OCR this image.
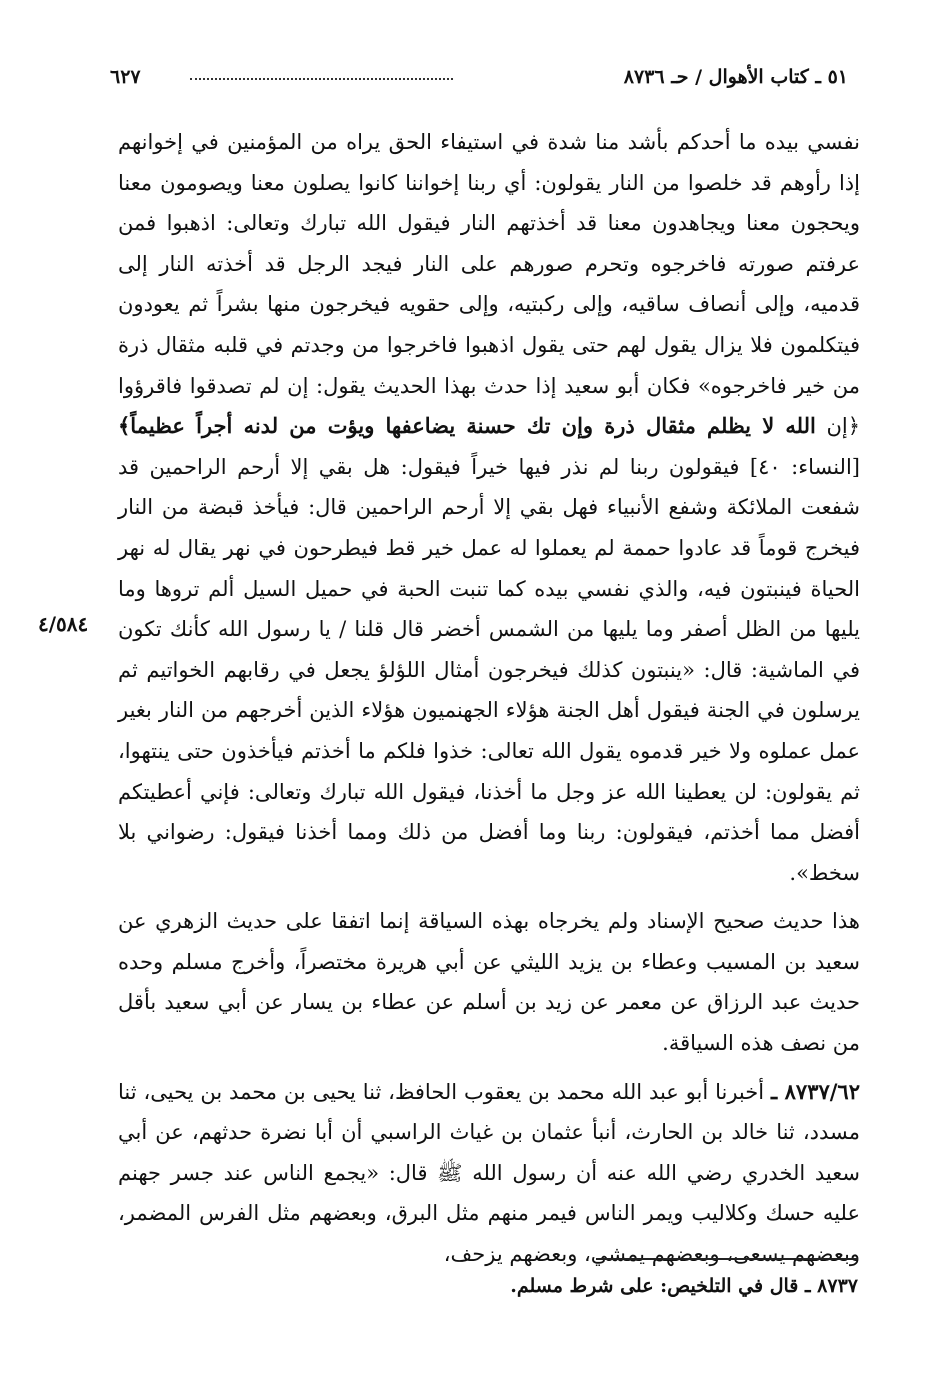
٥١ ـ كتاب الأهوال / حـ ٨٧٣٦
٦٢٧

نفسي بيده ما أحدكم بأشد منا شدة في استيفاء الحق يراه من المؤمنين في إخوانهم إذا رأوهم قد خلصوا من النار يقولون: أي ربنا إخواننا كانوا يصلون معنا ويصومون معنا ويحجون معنا ويجاهدون معنا قد أخذتهم النار فيقول الله تبارك وتعالى: اذهبوا فمن عرفتم صورته فاخرجوه وتحرم صورهم على النار فيجد الرجل قد أخذته النار إلى قدميه، وإلى أنصاف ساقيه، وإلى ركبتيه، وإلى حقويه فيخرجون منها بشراً ثم يعودون فيتكلمون فلا يزال يقول لهم حتى يقول اذهبوا فاخرجوا من وجدتم في قلبه مثقال ذرة من خير فاخرجوه» فكان أبو سعيد إذا حدث بهذا الحديث يقول: إن لم تصدقوا فاقرؤوا ﴿إن الله لا يظلم مثقال ذرة وإن تك حسنة يضاعفها ويؤت من لدنه أجراً عظيماً﴾ [النساء: ٤٠] فيقولون ربنا لم نذر فيها خيراً فيقول: هل بقي إلا أرحم الراحمين قد شفعت الملائكة وشفع الأنبياء فهل بقي إلا أرحم الراحمين قال: فيأخذ قبضة من النار فيخرج قوماً قد عادوا حممة لم يعملوا له عمل خير قط فيطرحون في نهر يقال له نهر الحياة فينبتون فيه، والذي نفسي بيده كما تنبت الحبة في حميل السيل ألم تروها وما يليها من الظل أصفر وما يليها من الشمس أخضر قال قلنا / يا رسول الله كأنك تكون في الماشية: قال: «ينبتون كذلك فيخرجون أمثال اللؤلؤ يجعل في رقابهم الخواتيم ثم يرسلون في الجنة فيقول أهل الجنة هؤلاء الجهنميون هؤلاء الذين أخرجهم من النار بغير عمل عملوه ولا خير قدموه يقول الله تعالى: خذوا فلكم ما أخذتم فيأخذون حتى ينتهوا، ثم يقولون: لن يعطينا الله عز وجل ما أخذنا، فيقول الله تبارك وتعالى: فإني أعطيتكم أفضل مما أخذتم، فيقولون: ربنا وما أفضل من ذلك ومما أخذنا فيقول: رضواني بلا سخط».

هذا حديث صحيح الإسناد ولم يخرجاه بهذه السياقة إنما اتفقا على حديث الزهري عن سعيد بن المسيب وعطاء بن يزيد الليثي عن أبي هريرة مختصراً، وأخرج مسلم وحده حديث عبد الرزاق عن معمر عن زيد بن أسلم عن عطاء بن يسار عن أبي سعيد بأقل من نصف هذه السياقة.

٨٧٣٧/٦٢ ـ أخبرنا أبو عبد الله محمد بن يعقوب الحافظ، ثنا يحيى بن محمد بن يحيى، ثنا مسدد، ثنا خالد بن الحارث، أنبأ عثمان بن غياث الراسبي أن أبا نضرة حدثهم، عن أبي سعيد الخدري رضي الله عنه أن رسول الله ﷺ قال: «يجمع الناس عند جسر جهنم عليه حسك وكلاليب ويمر الناس فيمر منهم مثل البرق، وبعضهم مثل الفرس المضمر، وبعضهم يسعى، وبعضهم يمشي، وبعضهم يزحف،

٤/٥٨٤
٨٧٣٧ ـ قال في التلخيص: على شرط مسلم.
